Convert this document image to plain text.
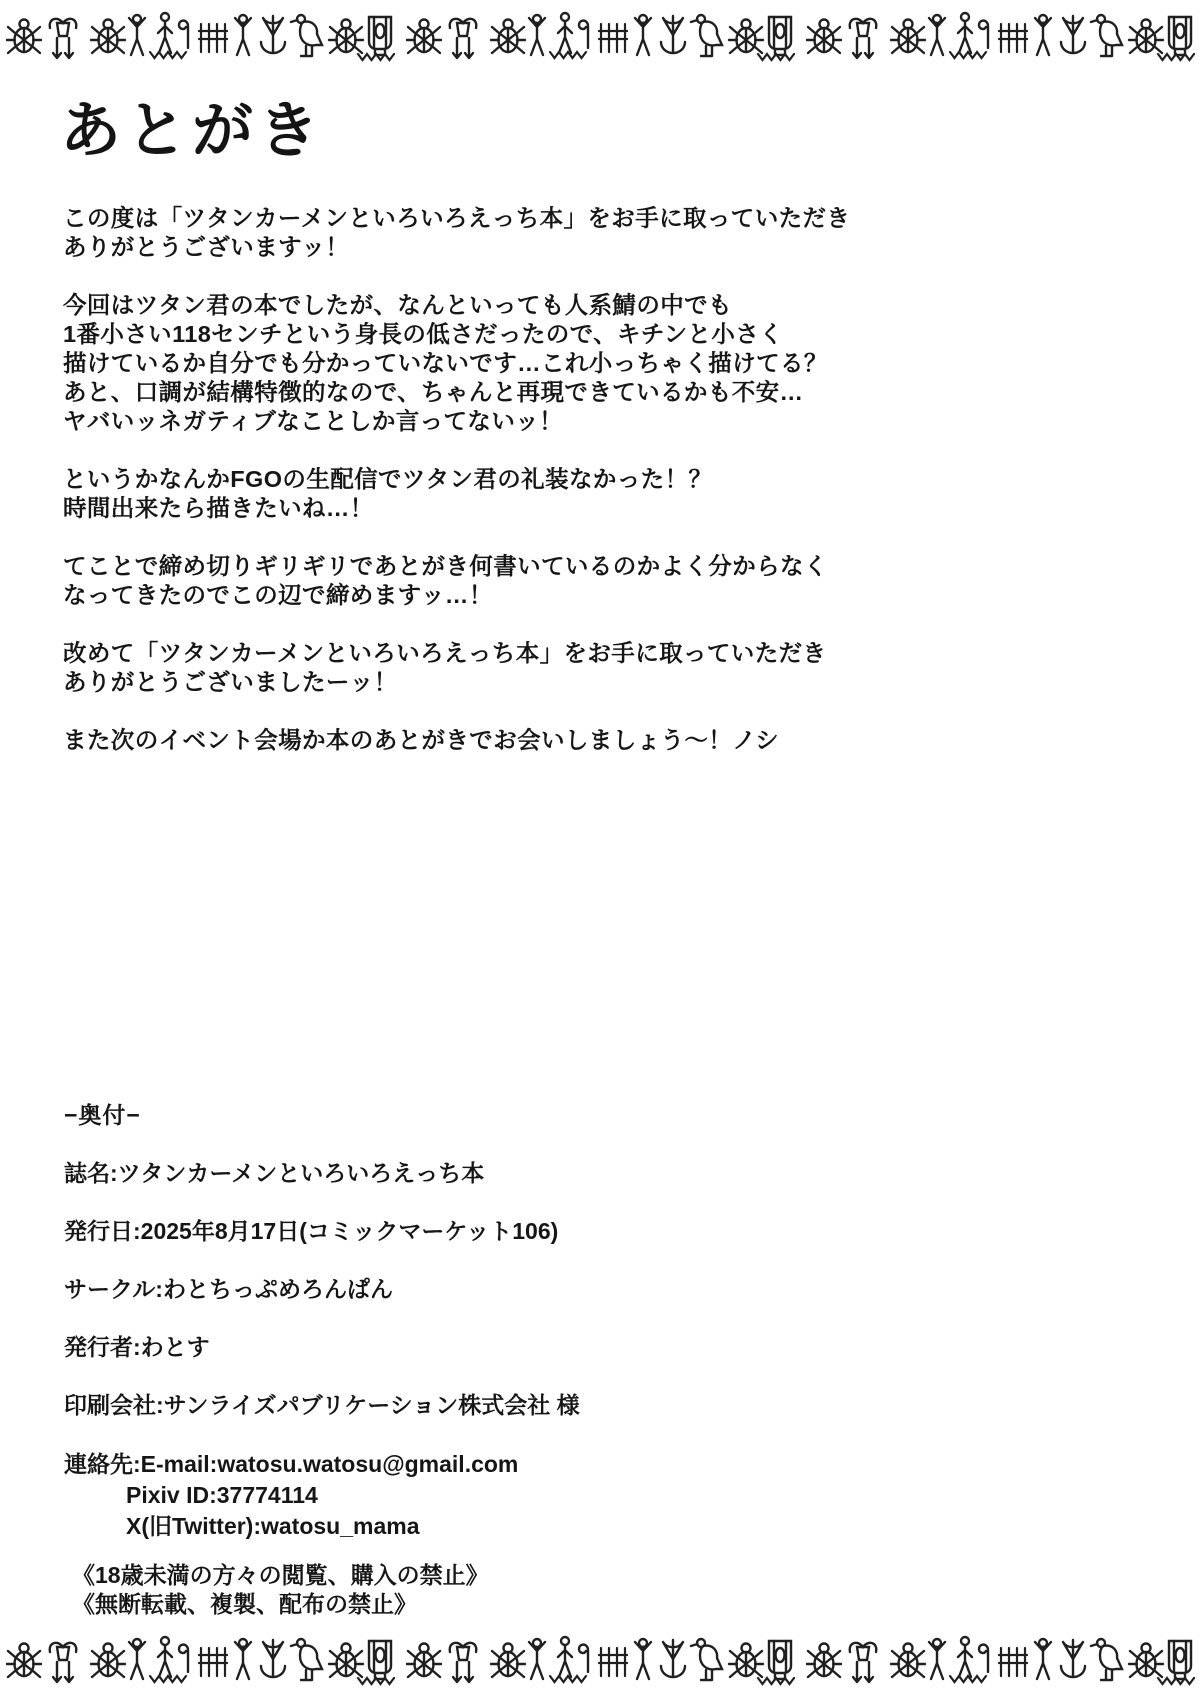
あとがき

この度は「ツタンカーメンといろいろえっち本」をお手に取っていただき
ありがとうございますッ！

今回はツタン君の本でしたが、なんといっても人系鯖の中でも
1番小さい118センチという身長の低さだったので、キチンと小さく
描けているか自分でも分かっていないです…これ小っちゃく描けてる？
あと、口調が結構特徴的なので、ちゃんと再現できているかも不安…
ヤバいッネガティブなことしか言ってないッ！

というかなんかFGOの生配信でツタン君の礼装なかった！？
時間出来たら描きたいね…！

てことで締め切りギリギリであとがき何書いているのかよく分からなく
なってきたのでこの辺で締めますッ…！

改めて「ツタンカーメンといろいろえっち本」をお手に取っていただき
ありがとうございましたーッ！

また次のイベント会場か本のあとがきでお会いしましょう〜！ノシ

−奥付−
誌名:ツタンカーメンといろいろえっち本
発行日:2025年8月17日(コミックマーケット106)
サークル:わとちっぷめろんぱん
発行者:わとす
印刷会社:サンライズパブリケーション株式会社 様
連絡先:E-mail:watosu.watosu@gmail.com
Pixiv ID:37774114
X(旧Twitter):watosu_mama
《18歳未満の方々の閲覧、購入の禁止》
《無断転載、複製、配布の禁止》
